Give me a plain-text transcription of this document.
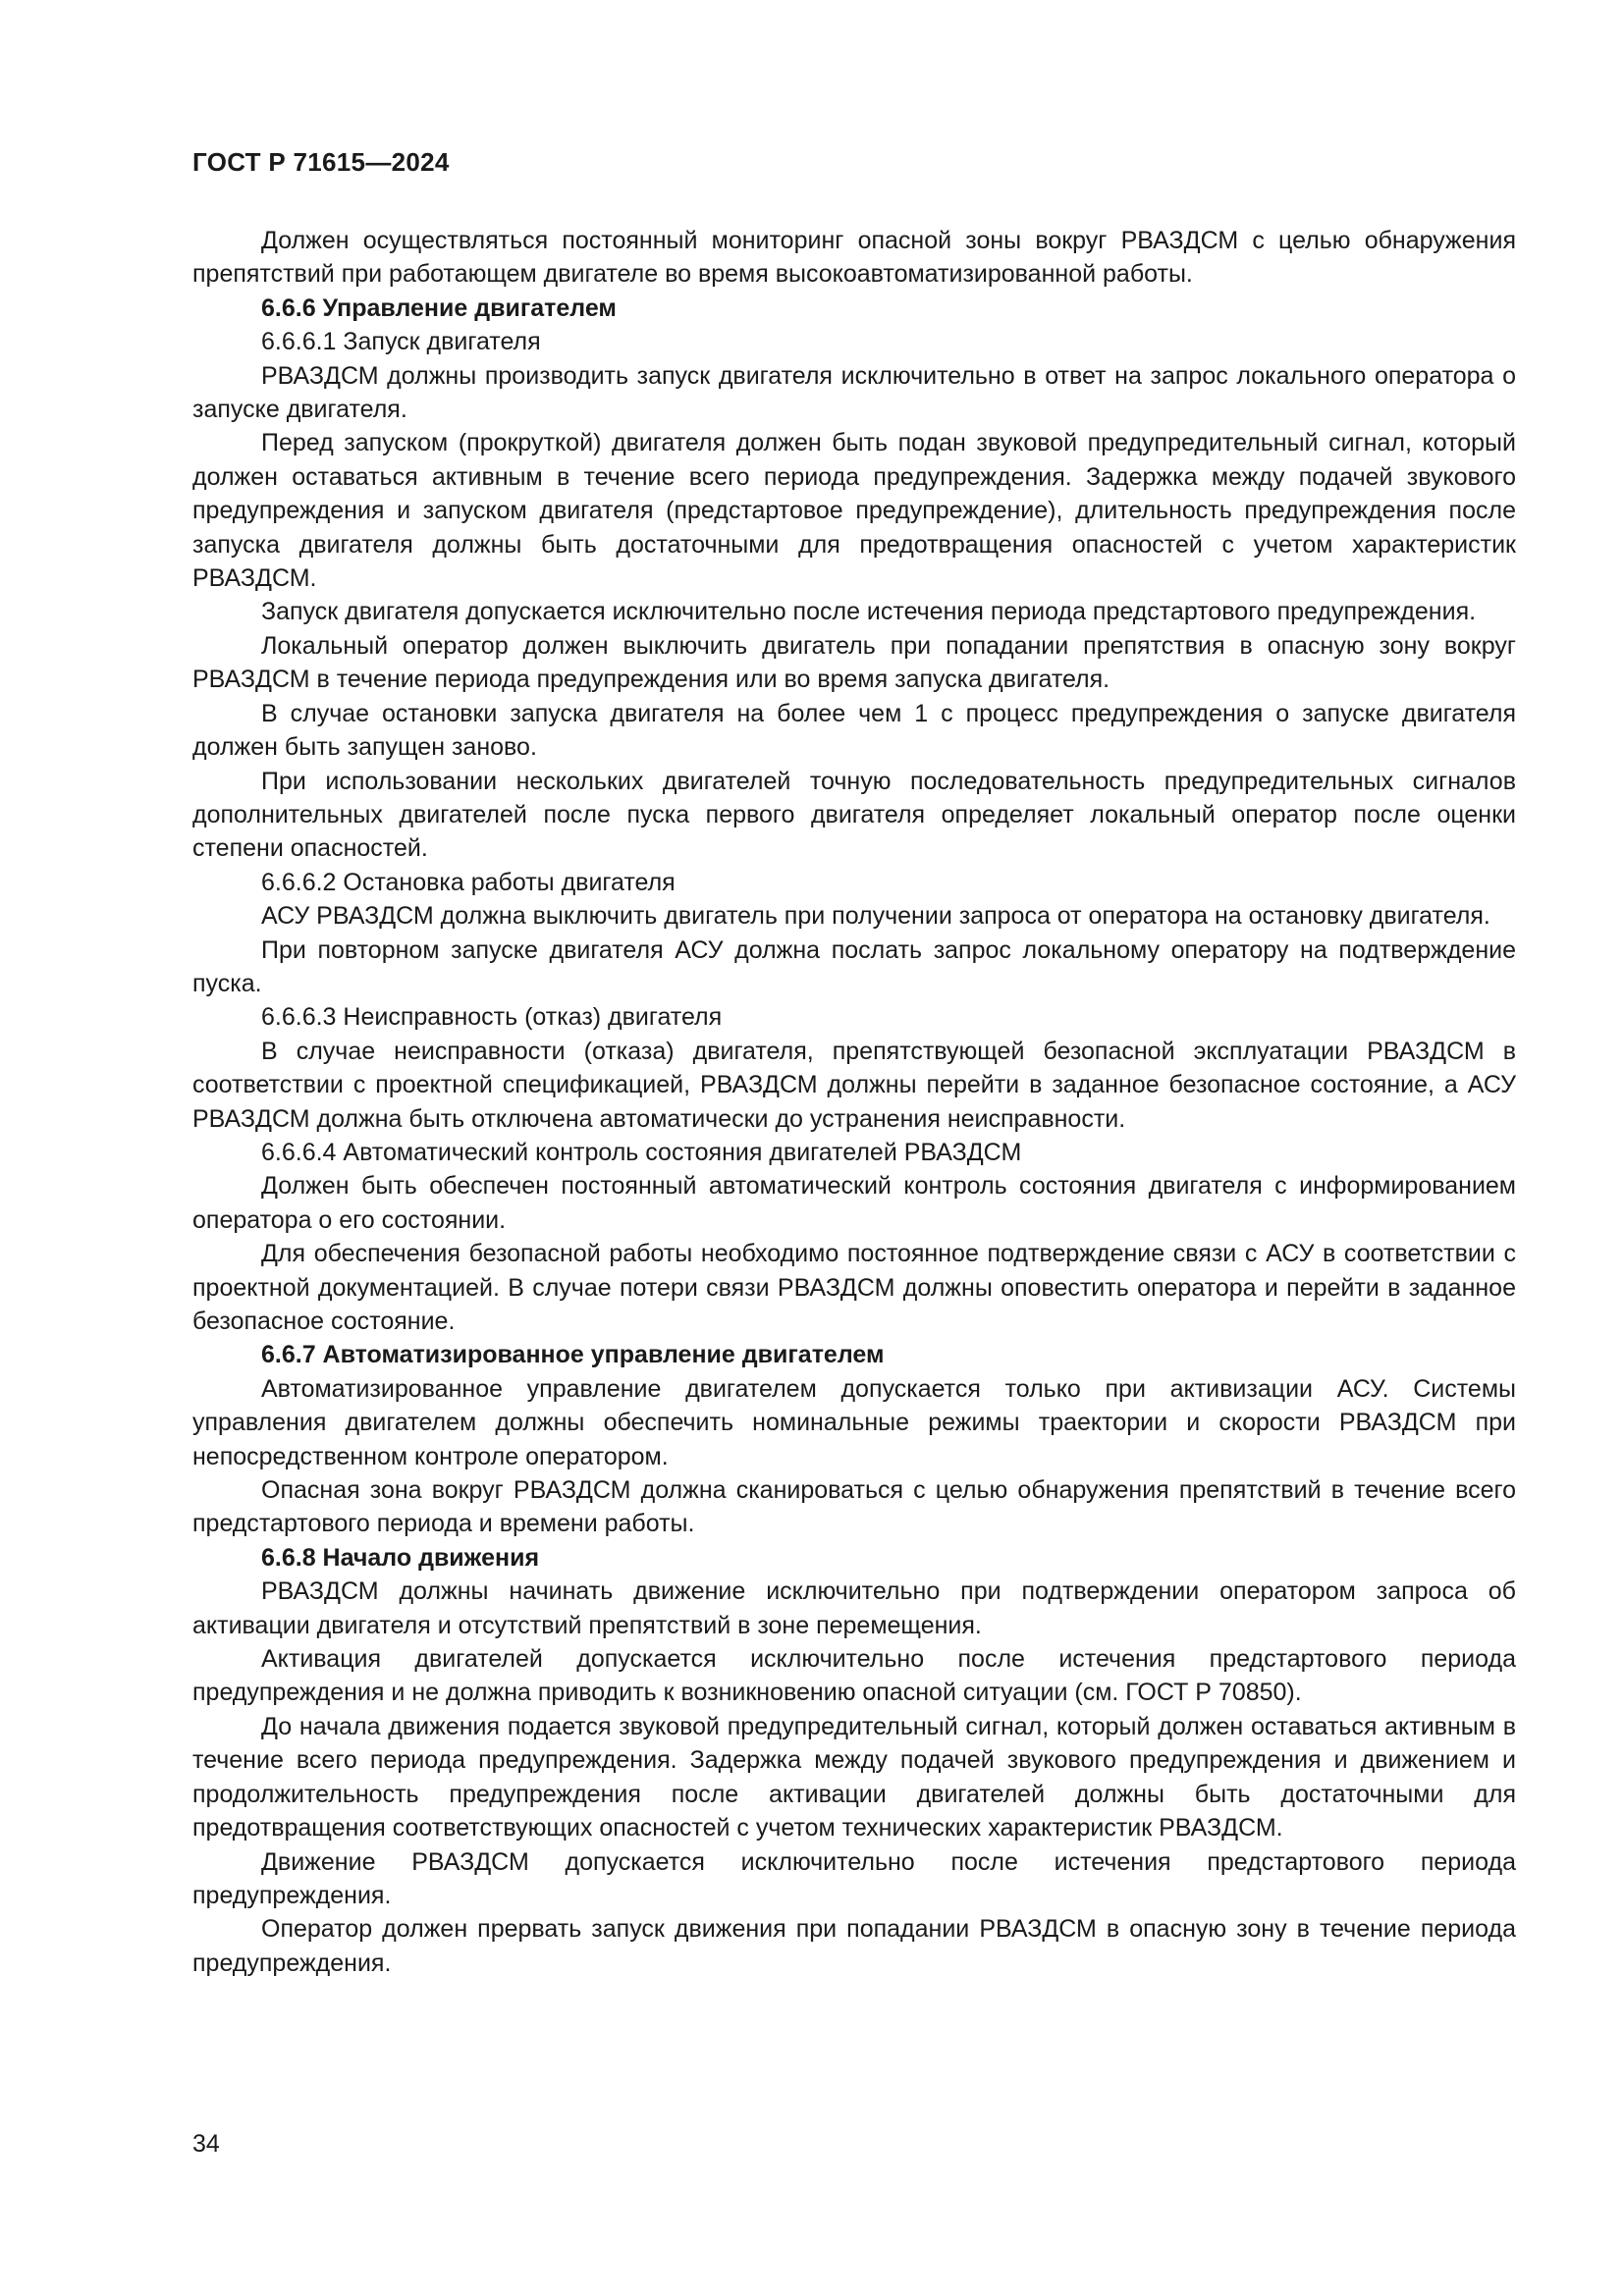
ГОСТ Р 71615—2024

Должен осуществляться постоянный мониторинг опасной зоны вокруг РВАЗДСМ с целью обнаружения препятствий при работающем двигателе во время высокоавтоматизированной работы.

6.6.6 Управление двигателем

6.6.6.1 Запуск двигателя

РВАЗДСМ должны производить запуск двигателя исключительно в ответ на запрос локального оператора о запуске двигателя.

Перед запуском (прокруткой) двигателя должен быть подан звуковой предупредительный сигнал, который должен оставаться активным в течение всего периода предупреждения. Задержка между подачей звукового предупреждения и запуском двигателя (предстартовое предупреждение), длительность предупреждения после запуска двигателя должны быть достаточными для предотвращения опасностей с учетом характеристик РВАЗДСМ.

Запуск двигателя допускается исключительно после истечения периода предстартового предупреждения.

Локальный оператор должен выключить двигатель при попадании препятствия в опасную зону вокруг РВАЗДСМ в течение периода предупреждения или во время запуска двигателя.

В случае остановки запуска двигателя на более чем 1 с процесс предупреждения о запуске двигателя должен быть запущен заново.

При использовании нескольких двигателей точную последовательность предупредительных сигналов дополнительных двигателей после пуска первого двигателя определяет локальный оператор после оценки степени опасностей.

6.6.6.2 Остановка работы двигателя

АСУ РВАЗДСМ должна выключить двигатель при получении запроса от оператора на остановку двигателя.

При повторном запуске двигателя АСУ должна послать запрос локальному оператору на подтверждение пуска.

6.6.6.3 Неисправность (отказ) двигателя

В случае неисправности (отказа) двигателя, препятствующей безопасной эксплуатации РВАЗДСМ в соответствии с проектной спецификацией, РВАЗДСМ должны перейти в заданное безопасное состояние, а АСУ РВАЗДСМ должна быть отключена автоматически до устранения неисправности.

6.6.6.4 Автоматический контроль состояния двигателей РВАЗДСМ

Должен быть обеспечен постоянный автоматический контроль состояния двигателя с информированием оператора о его состоянии.

Для обеспечения безопасной работы необходимо постоянное подтверждение связи с АСУ в соответствии с проектной документацией. В случае потери связи РВАЗДСМ должны оповестить оператора и перейти в заданное безопасное состояние.

6.6.7 Автоматизированное управление двигателем

Автоматизированное управление двигателем допускается только при активизации АСУ. Системы управления двигателем должны обеспечить номинальные режимы траектории и скорости РВАЗДСМ при непосредственном контроле оператором.

Опасная зона вокруг РВАЗДСМ должна сканироваться с целью обнаружения препятствий в течение всего предстартового периода и времени работы.

6.6.8 Начало движения

РВАЗДСМ должны начинать движение исключительно при подтверждении оператором запроса об активации двигателя и отсутствий препятствий в зоне перемещения.

Активация двигателей допускается исключительно после истечения предстартового периода предупреждения и не должна приводить к возникновению опасной ситуации (см. ГОСТ Р 70850).

До начала движения подается звуковой предупредительный сигнал, который должен оставаться активным в течение всего периода предупреждения. Задержка между подачей звукового предупреждения и движением и продолжительность предупреждения после активации двигателей должны быть достаточными для предотвращения соответствующих опасностей с учетом технических характеристик РВАЗДСМ.

Движение РВАЗДСМ допускается исключительно после истечения предстартового периода предупреждения.

Оператор должен прервать запуск движения при попадании РВАЗДСМ в опасную зону в течение периода предупреждения.

34
